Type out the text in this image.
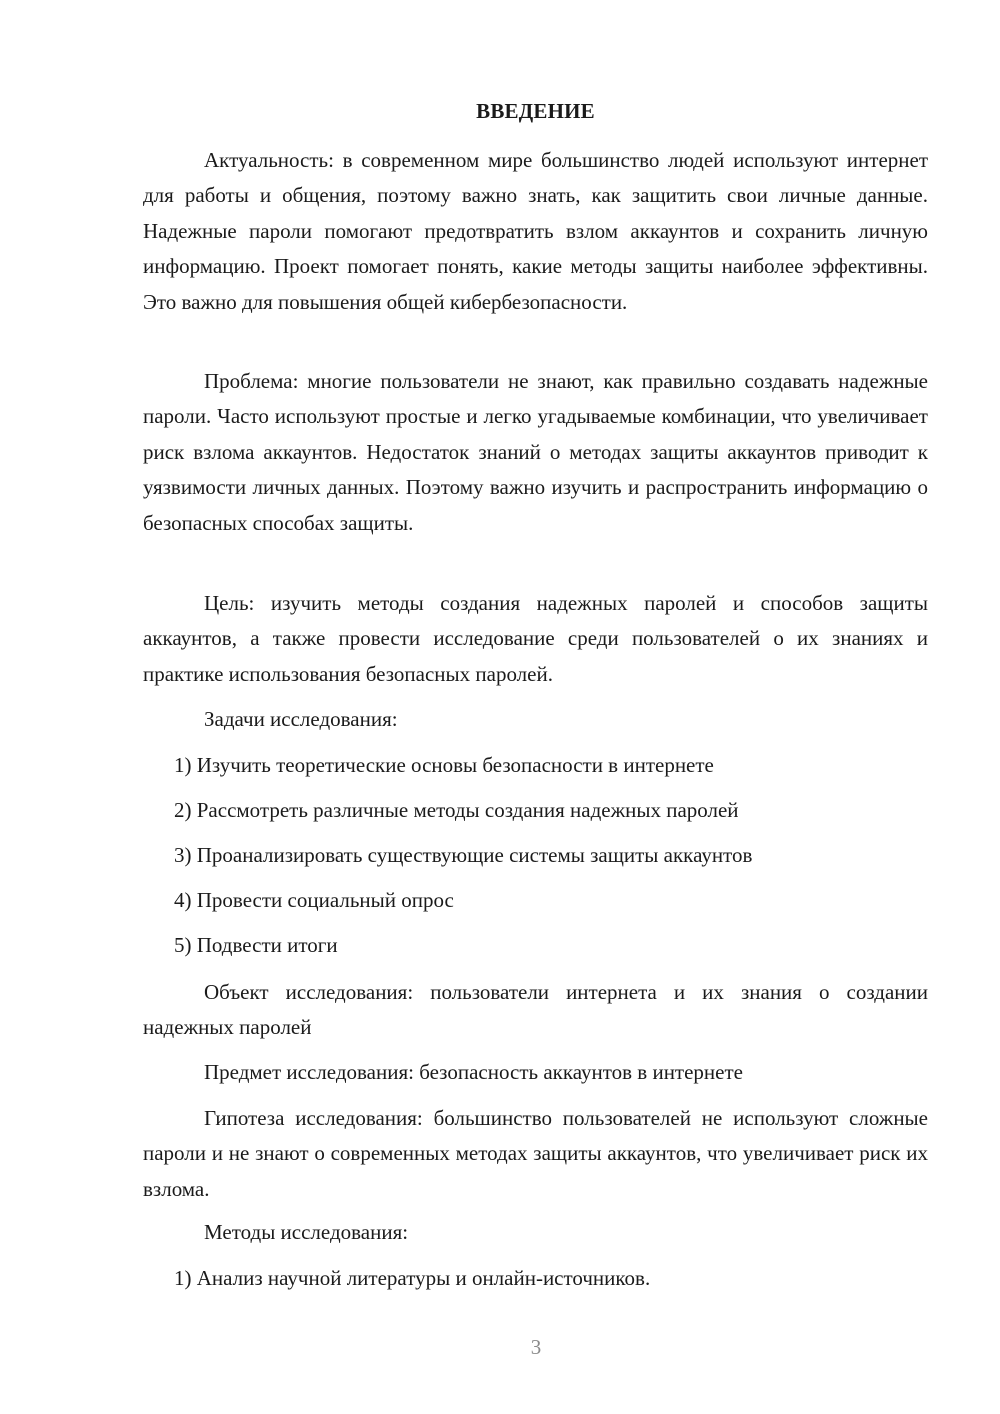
ВВЕДЕНИЕ

Актуальность: в современном мире большинство людей используют интернет для работы и общения, поэтому важно знать, как защитить свои личные данные. Надежные пароли помогают предотвратить взлом аккаунтов и сохранить личную информацию. Проект помогает понять, какие методы защиты наиболее эффективны. Это важно для повышения общей кибербезопасности.

Проблема: многие пользователи не знают, как правильно создавать надежные пароли. Часто используют простые и легко угадываемые комбинации, что увеличивает риск взлома аккаунтов. Недостаток знаний о методах защиты аккаунтов приводит к уязвимости личных данных. Поэтому важно изучить и распространить информацию о безопасных способах защиты.

Цель: изучить методы создания надежных паролей и способов защиты аккаунтов, а также провести исследование среди пользователей о их знаниях и практике использования безопасных паролей.

Задачи исследования:

1) Изучить теоретические основы безопасности в интернете

2) Рассмотреть различные методы создания надежных паролей

3) Проанализировать существующие системы защиты аккаунтов

4) Провести социальный опрос

5) Подвести итоги

Объект исследования: пользователи интернета и их знания о создании надежных паролей

Предмет исследования: безопасность аккаунтов в интернете

Гипотеза исследования: большинство пользователей не используют сложные пароли и не знают о современных методах защиты аккаунтов, что увеличивает риск их взлома.

Методы исследования:

1) Анализ научной литературы и онлайн-источников.

3
